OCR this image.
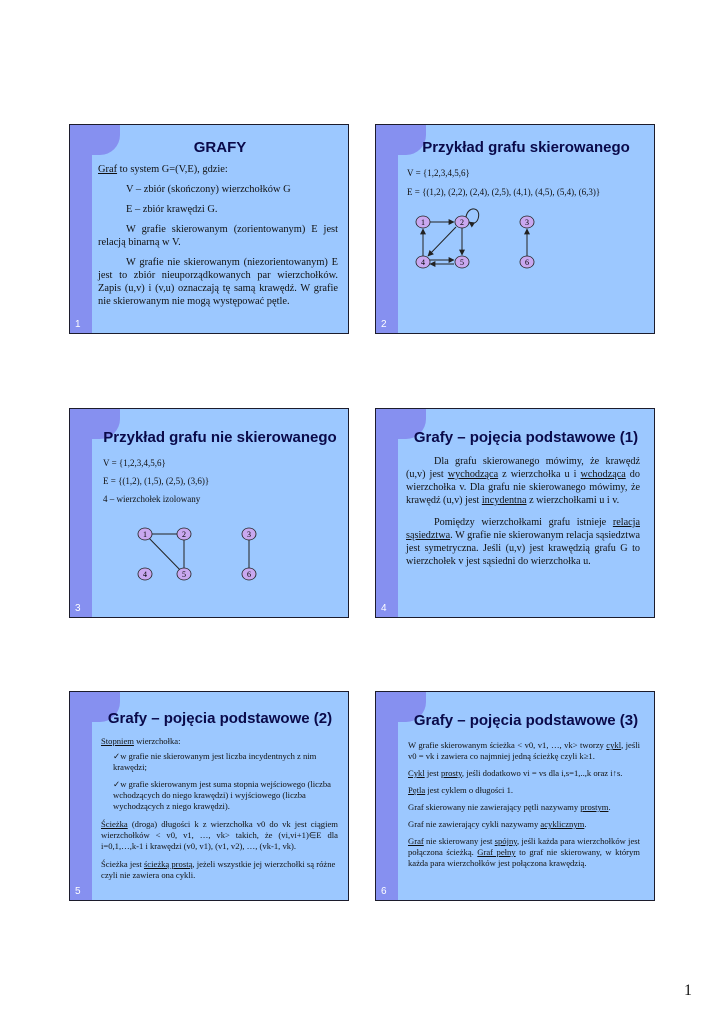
GRAFY

Graf to system G=(V,E), gdzie:

V – zbiór (skończony) wierzchołków G

E – zbiór krawędzi G.

W grafie skierowanym (zorientowanym) E jest relacją binarną w V.

W grafie nie skierowanym (niezorientowanym) E jest to zbiór nieuporządkowanych par wierzchołków. Zapis (u,v) i (v,u) oznaczają tę samą krawędź. W grafie nie skierowanym nie mogą występować pętle.

1
Przykład grafu skierowanego

V = {1,2,3,4,5,6}

E = {(1,2), (2,2), (2,4), (2,5), (4,1), (4,5), (5,4), (6,3)}

1	2	3
4	5	6
2
Przykład grafu nie skierowanego

V = {1,2,3,4,5,6}

E = {(1,2), (1,5), (2,5), (3,6)}

4 – wierzchołek izolowany

1	2	3
4	5	6
3
Grafy – pojęcia podstawowe (1)

Dla grafu skierowanego mówimy, że krawędź (u,v) jest wychodząca z wierzchołka u i wchodząca do wierzchołka v. Dla grafu nie skierowanego mówimy, że krawędź (u,v) jest incydentna z wierzchołkami u i v.

Pomiędzy wierzchołkami grafu istnieje relacja sąsiedztwa. W grafie nie skierowanym relacja sąsiedztwa jest symetryczna. Jeśli (u,v) jest krawędzią grafu G to wierzchołek v jest sąsiedni do wierzchołka u.

4
Grafy – pojęcia podstawowe (2)

Stopniem wierzchołka:

✓w grafie nie skierowanym jest liczba incydentnych z nim krawędzi;

✓w grafie skierowanym jest suma stopnia wejściowego (liczba wchodzących do niego krawędzi) i wyjściowego (liczba wychodzących z niego krawędzi).

Ścieżka (droga) długości k z wierzchołka v0 do vk jest ciągiem wierzchołków < v0, v1, …, vk> takich, że (vi,vi+1)∈E dla i=0,1,…,k-1 i krawędzi (v0, v1), (v1, v2), …, (vk-1, vk).

Ścieżka jest ścieżką prostą, jeżeli wszystkie jej wierzchołki są różne czyli nie zawiera ona cykli.

5
Grafy – pojęcia podstawowe (3)

W grafie skierowanym ścieżka < v0, v1, …, vk> tworzy cykl, jeśli v0 = vk i zawiera co najmniej jedną ścieżkę czyli k≥1.

Cykl jest prosty, jeśli dodatkowo vi = vs dla i,s=1,..,k oraz i↑s.

Pętla jest cyklem o długości 1.

Graf skierowany nie zawierający pętli nazywamy prostym.

Graf nie zawierający cykli nazywamy acyklicznym.

Graf nie skierowany jest spójny, jeśli każda para wierzchołków jest połączona ścieżką. Graf pełny to graf nie skierowany, w którym każda para wierzchołków jest połączona krawędzią.

6
1
